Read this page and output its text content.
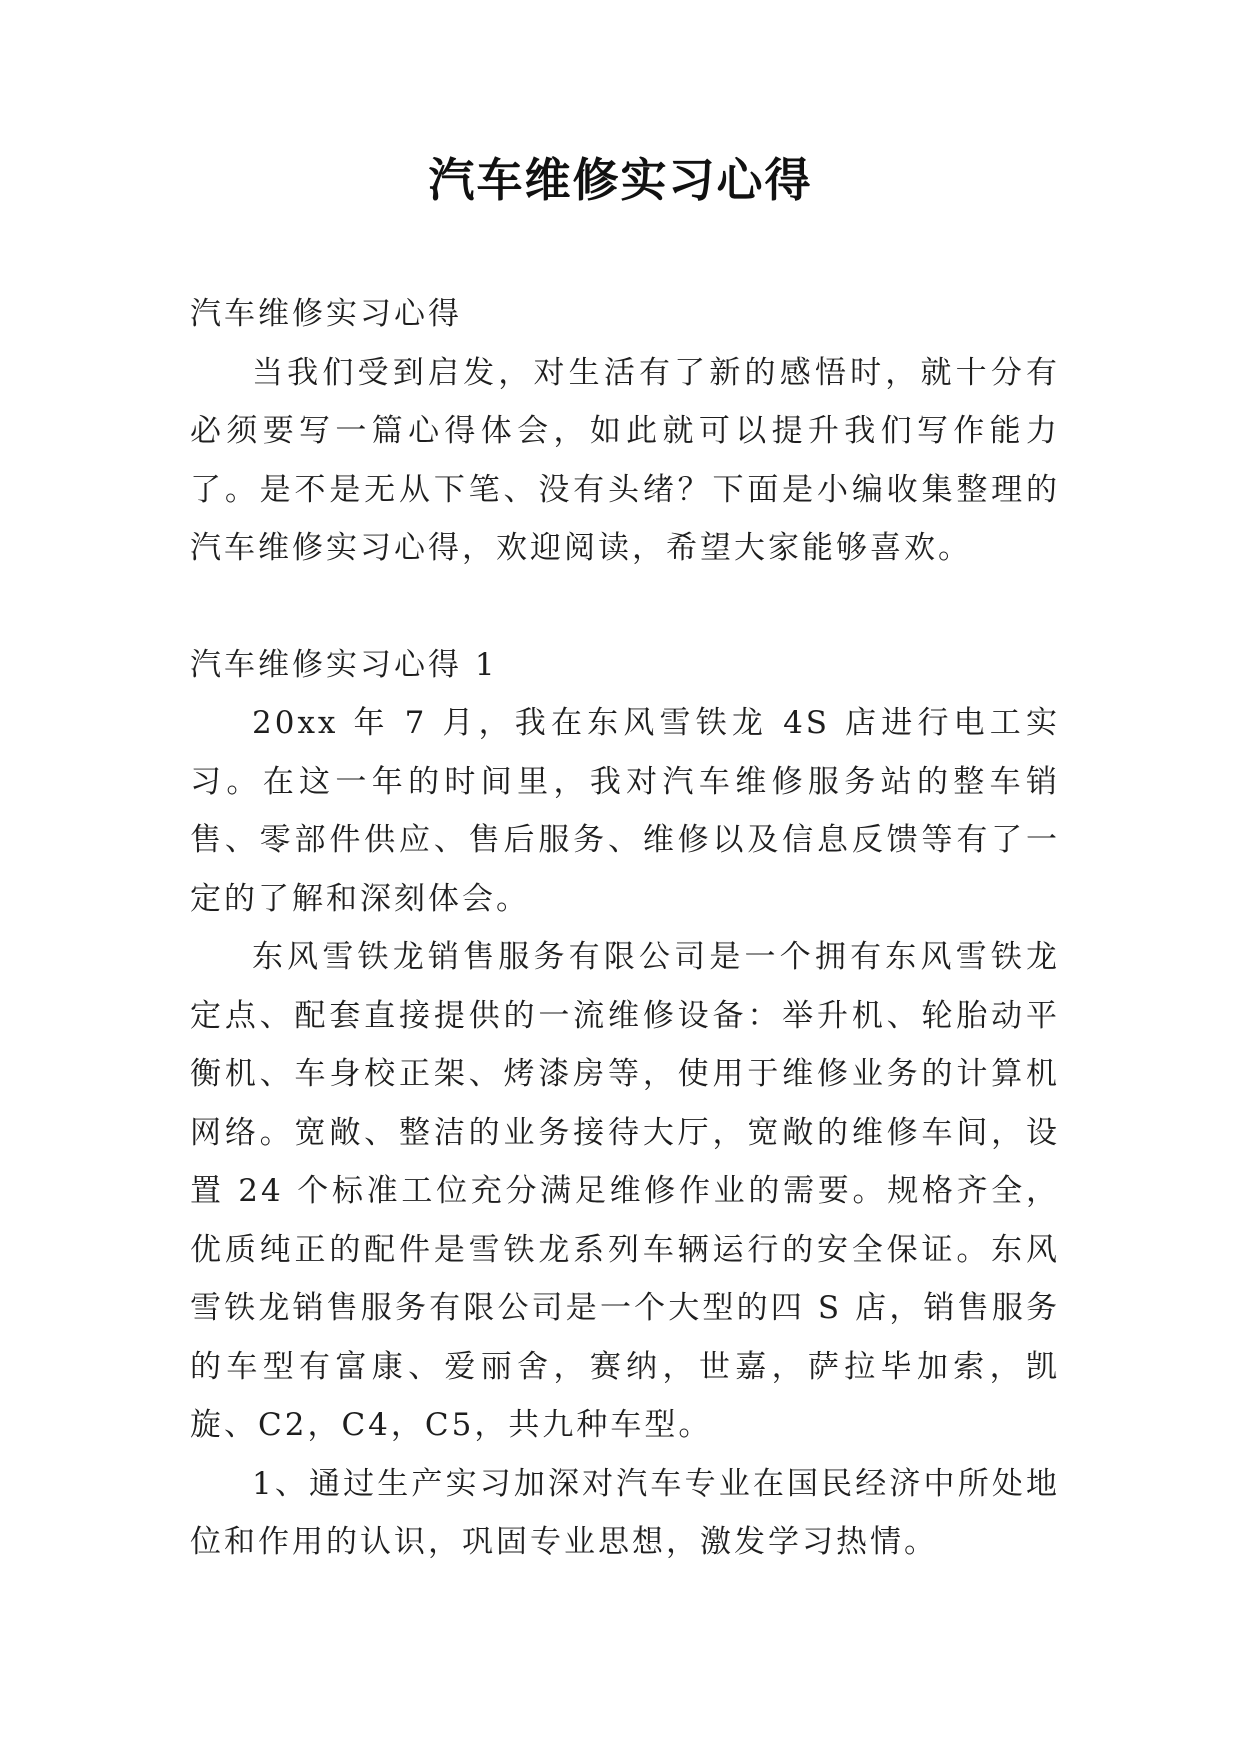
汽车维修实习心得

汽车维修实习心得

当我们受到启发，对生活有了新的感悟时，就十分有必须要写一篇心得体会，如此就可以提升我们写作能力了。是不是无从下笔、没有头绪？下面是小编收集整理的汽车维修实习心得，欢迎阅读，希望大家能够喜欢。

汽车维修实习心得 1

20xx 年 7 月，我在东风雪铁龙 4S 店进行电工实习。在这一年的时间里，我对汽车维修服务站的整车销售、零部件供应、售后服务、维修以及信息反馈等有了一定的了解和深刻体会。

东风雪铁龙销售服务有限公司是一个拥有东风雪铁龙定点、配套直接提供的一流维修设备：举升机、轮胎动平衡机、车身校正架、烤漆房等，使用于维修业务的计算机网络。宽敞、整洁的业务接待大厅，宽敞的维修车间，设置 24 个标准工位充分满足维修作业的需要。规格齐全，优质纯正的配件是雪铁龙系列车辆运行的安全保证。东风雪铁龙销售服务有限公司是一个大型的四 S 店，销售服务的车型有富康、爱丽舍，赛纳，世嘉，萨拉毕加索，凯旋、C2，C4，C5，共九种车型。

1、通过生产实习加深对汽车专业在国民经济中所处地位和作用的认识，巩固专业思想，激发学习热情。
